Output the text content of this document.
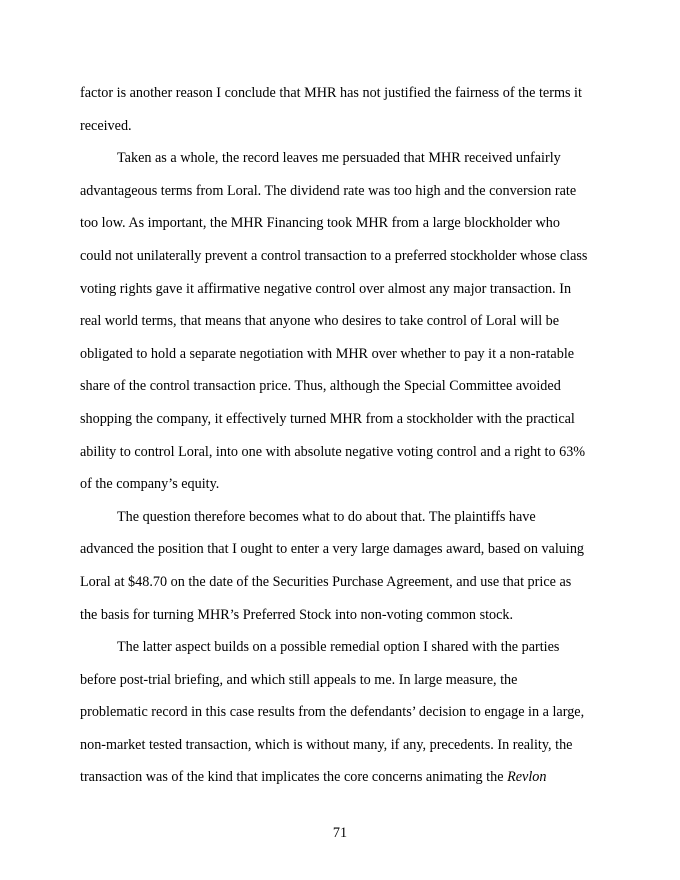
factor is another reason I conclude that MHR has not justified the fairness of the terms it
received.
Taken as a whole, the record leaves me persuaded that MHR received unfairly
advantageous terms from Loral. The dividend rate was too high and the conversion rate
too low. As important, the MHR Financing took MHR from a large blockholder who
could not unilaterally prevent a control transaction to a preferred stockholder whose class
voting rights gave it affirmative negative control over almost any major transaction. In
real world terms, that means that anyone who desires to take control of Loral will be
obligated to hold a separate negotiation with MHR over whether to pay it a non-ratable
share of the control transaction price. Thus, although the Special Committee avoided
shopping the company, it effectively turned MHR from a stockholder with the practical
ability to control Loral, into one with absolute negative voting control and a right to 63%
of the company’s equity.
The question therefore becomes what to do about that. The plaintiffs have
advanced the position that I ought to enter a very large damages award, based on valuing
Loral at $48.70 on the date of the Securities Purchase Agreement, and use that price as
the basis for turning MHR’s Preferred Stock into non-voting common stock.
The latter aspect builds on a possible remedial option I shared with the parties
before post-trial briefing, and which still appeals to me. In large measure, the
problematic record in this case results from the defendants’ decision to engage in a large,
non-market tested transaction, which is without many, if any, precedents. In reality, the
transaction was of the kind that implicates the core concerns animating the Revlon
71
